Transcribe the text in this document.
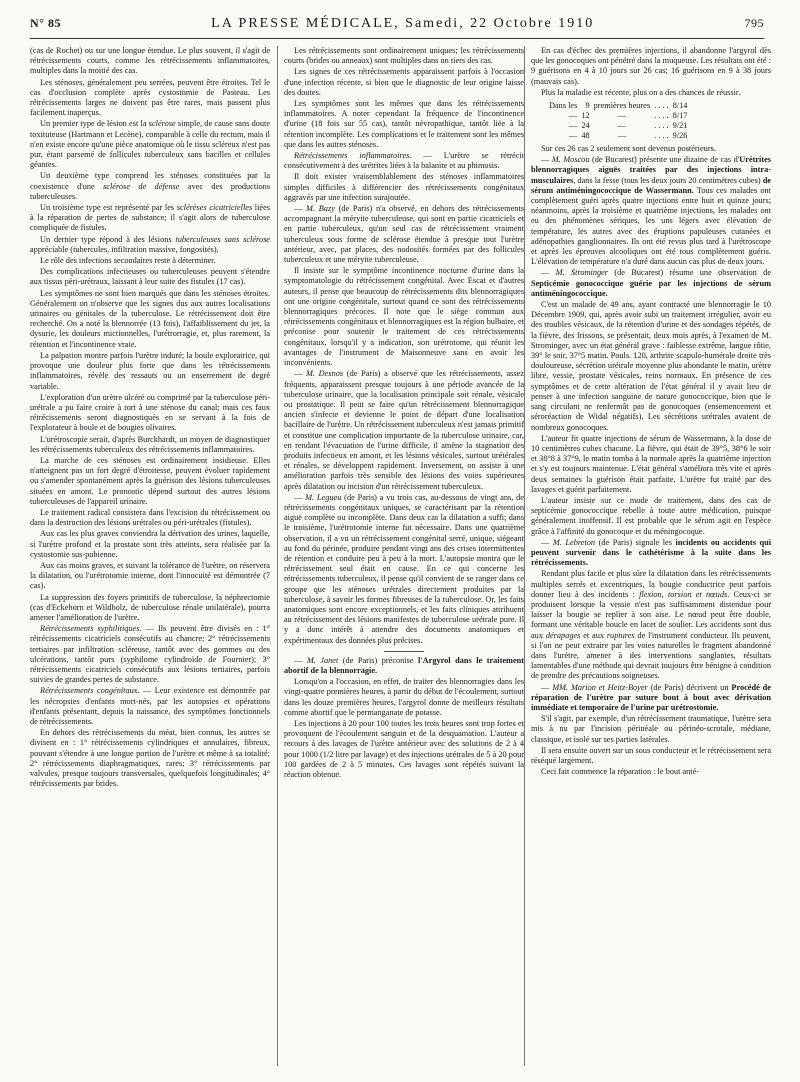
N° 85	LA PRESSE MÉDICALE, Samedi, 22 Octobre 1910	795

(cas de Rochet) ou sur une longue étendue. Le plus souvent, il s'agit de rétrécissements courts, comme les rétrécissements inflammatoires, multiples dans la moitié des cas.

Les sténoses, généralement peu serrées, peuvent être étroites. Tel le cas d'occlusion complète après cystostomie de Pasteau. Les rétrécissements larges ne doivent pas être rares, mais passent plus facilement inaperçus.

Un premier type de lésion est la sclérose simple, de cause sans doute toxituteuse (Hartmann et Lecène), comparable à celle du rectum, mais il n'en existe encore qu'une pièce anatomique où le tissu scléreux n'est pas pur, étant parsemé de follicules tuberculeux sans bacilles et cellules géantes.

Un deuxième type comprend les sténoses constituées par la coexistence d'une sclérose de défense avec des productions tuberculeuses.

Un troisième type est représenté par les sclérèses cicatricielles liées à la réparation de pertes de substance; il s'agit alors de tuberculose compliquée de fistules.

Un dernier type répond à des lésions tuberculeuses sans sclérose appréciable (tubercules, infiltration massive, fongosités).

Le rôle des infections secondaires reste à déterminer.

Des complications infectieuses ou tuberculeuses peuvent s'étendre aux tissus péri-urétraux, laissant à leur suite des fistules (17 cas).

Les symptômes ne sont bien marqués que dans les sténoses étroites. Généralement on n'observe que les signes dus aux autres localisations urinaires ou génitales de la tuberculose. Le rétrécissement doit être recherché. On a noté la blennorrée (13 fois), l'affaiblissement du jet, la dysurie, les douleurs mictionnelles, l'urétrorragie, et, plus rarement, la rétention et l'incontinence vraie.

La palpation montre parfois l'urètre induré; la boule exploratrice, qui provoque une douleur plus forte que dans les rétrécissements inflammatoires, révèle des ressauts ou un enserrement de degré variable.

L'exploration d'un urètre ulcéré ou comprimé par la tuberculose péri-urétrale a pu faire croire à tort à une sténose du canal; mais ces faux rétrécissements seront diagnostiqués en se servant à la fois de l'explorateur à boule et de bougies olivaires.

L'urétroscopie serait, d'après Burckhardt, un moyen de diagnostiquer les rétrécissements tuberculeux des rétrécissements inflammatoires.

La marche de ces sténoses est ordinairement insidieuse. Elles n'atteignent pas un fort degré d'étroitesse, peuvent évoluer rapidement ou s'amender spontanément après la guérison des lésions tuberculeuses situées en amont. Le pronostic dépend surtout des autres lésions tuberculeuses de l'appareil urinaire.

Le traitement radical consistera dans l'excision du rétrécissement ou dans la destruction des lésions urétrales ou péri-urétrales (fistules).

Aux cas les plus graves conviendra la dérivation des urines, laquelle, si l'urètre profond et la prostate sont très atteints, sera réalisée par la cystostomie sus-pubienne.

Aux cas moins graves, et suivant la tolérance de l'urètre, on réservera la dilatation, ou l'urétrotomie interne, dont l'innocuité est démontrée (7 cas).

La suppression des foyers primitifs de tuberculose, la néphrectomie (cas d'Eckehorn et Wildbolz, de tuberculose rénale unilatérale), pourra amener l'amélioration de l'urètre.

Rétrécissements syphilitiques. — Ils peuvent être divisés en : 1° rétrécissements cicatriciels consécutifs au chancre; 2° rétrécissements tertiaires par infiltration scléreuse, tantôt avec des gommes ou des ulcérations, tantôt purs (syphilome cylindroïde de Fournier); 3° rétrécissements cicatriciels consécutifs aux lésions tertiaires, parfois suivies de grandes pertes de substance.

Rétrécissements congénitaux. — Leur existence est démontrée par les nécropsies d'enfants mort-nés, par les autopsies et opérations d'enfants présentant, depuis la naissance, des symptômes fonctionnels de rétrécissements.

En dehors des rétrécissements du méat, bien connus, les autres se divisent en : 1° rétrécissements cylindriques et annulaires, fibreux, pouvant s'étendre à une longue portion de l'urètre et même à sa totalité; 2° rétrécissements diaphragmatiques, rares; 3° rétrécissements par valvules, presque toujours transversales, quelquefois longitudinales; 4° rétrécissements par brides.

Les rétrécissements sont ordinairement uniques; les rétrécissements courts (brides ou anneaux) sont multiples dans un tiers des cas.

Les signes de ces rétrécissements apparaissent parfois à l'occasion d'une infection récente, si bien que le diagnostic de leur origine laisse des doutes.

Les symptômes sont les mêmes que dans les rétrécissements inflammatoires. A noter cependant la fréquence de l'incontinence d'urine (18 fois sur 55 cas), tantôt névropathique, tantôt liée à la rétention incomplète. Les complications et le traitement sont les mêmes que dans les autres sténoses.

Rétrécissements inflammatoires. — L'urètre se rétrécit consécutivement à des urétrites liées à la balanite et au phimosis.

Il doit exister vraisemblablement des sténoses inflammatoires simples difficiles à différencier des rétrécissements congénitaux aggravés par une infection surajoutée.

— M. Bazy (de Paris) n'a observé, en dehors des rétrécissements accompagnant la méryite tuberculeuse, qui sont en partie cicatriciels et en partie tuberculeux, qu'un seul cas de rétrécissement vraiment tuberculeux sous forme de sclérose étendue à presque tout l'urètre antérieur, avec, par places, des nodosités formées par des follicules tuberculeux et une méryite tuberculeuse.

Il insiste sur le symptôme incontinence nocturne d'urine dans la symptomatologie du rétrécissement congénital. Avec Escat et d'autres auteurs, il pense que beaucoup de rétrécissements dits blennorragiques ont une origine congénitale, surtout quand ce sont des rétrécissements blennorragiques précoces. Il note que le siège commun aux rétrécissements congénitaux et blennorragiques est la région bulbaire, et préconise pour soutenir le traitement de ces rétrécissements congénitaux, lorsqu'il y a indication, son urétrotome, qui réunit les avantages de l'instrument de Maisonneuve sans en avoir les inconvénients.

— M. Desnos (de Paris) a observé que les rétrécissements, assez fréquents, apparaissent presque toujours à une période avancée de la tuberculose urinaire, que la localisation principale soit rénale, vésicale ou prostatique. Il peut se faire qu'un rétrécissement blennorragique ancien s'infecte et devienne le point de départ d'une localisation bacillaire de l'urètre. Un rétrécissement tuberculeux n'est jamais primitif et constitue une complication importante de la tuberculose urinaire, car, en rendant l'évacuation de l'urine difficile, il amène la stagnation des produits infectieux en amont, et les lésions vésicales, surtout urétérales et rénales, se développent rapidement. Inversement, on assiste à une amélioration parfois très sensible des lésions des voies supérieures après dilatation ou incision d'un rétrécissement tuberculeux.

— M. Legueu (de Paris) a vu trois cas, au-dessous de vingt ans, de rétrécissements congénitaux uniques, se caractérisant par la rétention aiguë complète ou incomplète. Dans deux cas la dilatation a suffi; dans le troisième, l'urétrotomie interne fut nécessaire. Dans une quatrième observation, il a vu un rétrécissement congénital serré, unique, siégeant au fond du périnée, produire pendant vingt ans des crises intermittentes de rétention et conduire peu à peu à la mort. L'autopsie montra que le rétrécissement seul était en cause. En ce qui concerne les rétrécissements tuberculeux, il pense qu'il convient de se ranger dans ce groupe que les sténoses urétrales directement produites par la tuberculose, à savoir les formes fibreuses de la tuberculose. Or, les faits anatomiques sont encore exceptionnels, et les faits cliniques attribuent au rétrécissement des lésions manifestes de tuberculose urétrale pure. Il y a donc intérêt à attendre des documents anatomiques et expérimentaux des données plus précises.

— M. Janet (de Paris) préconise l'Argyrol dans le traitement abortif de la blennorragie.

Lorsqu'on a l'occasion, en effet, de traiter des blennorragies dans les vingt-quatre premières heures, à partir du début de l'écoulement, surtout dans les douze premières heures, l'argyrol donne de meilleurs résultats comme abortif que le permanganate de potasse.

Les injections à 20 pour 100 toutes les trois heures sont trop fortes et provoquent de l'écoulement sanguin et de la desquamation. L'auteur a recours à des lavages de l'urètre antérieur avec des solutions de 2 à 4 pour 1000 (1/2 litre par lavage) et des injections urétrales de 5 à 20 pour 100 gardées de 2 à 5 minutes. Ces lavages sont répétés suivant la réaction obtenue.

En cas d'échec des premières injections, il abandonne l'argyrol dès que les gonocoques ont pénétré dans la muqueuse. Les résultats ont été : 9 guérisons en 4 à 10 jours sur 26 cas; 16 guérisons en 9 à 38 jours (mauvais cas).

Plus la maladie est récente, plus on a des chances de réussir.

Dans les	9	premières heures	. . . .	8/14
—	12	—	. . . .	8/17
—	24	—	. . . .	9/21
—	48	—	. . . .	9/26

Sur ces 26 cas 2 seulement sont devenus postérieurs.

— M. Moscou (de Bucarest) présente une dizaine de cas d'Urétrites blennorragiques aiguës traitées par des injections intra-musculaires, dans la fesse (tous les deux jours 20 centimètres cubes) de sérum antiméningococcique de Wassermann. Tous ces malades ont complètement guéri après quatre injections entre huit et quinze jours; néanmoins, après la troisième et quatrième injections, les malades ont eu des phénomènes sériques, les uns légers avec élévation de température, les autres avec des éruptions papuleuses cutanées et adénopathies ganglionnaires. Ils ont été revus plus tard à l'urétroscope et après les épreuves alcooliques ont été tous complètement guéris. L'élévation de température n'a duré dans aucun cas plus de deux jours.

— M. Strominger (de Bucarest) résume une observation de Septicémie gonococcique guérie par les injections de sérum antiméningococcique.

C'est un malade de 49 ans, ayant contracté une blennorragie le 10 Décembre 1909, qui, après avoir subi un traitement irrégulier, avoir eu des troubles vésicaux, de la rétention d'urine et des sondages répétés, de la fièvre, des frissons, se présentait, deux mois après, à l'examen de M. Strominger, avec un état général grave : faiblesse extrême, langue rôtie, 39° le soir, 37°5 matin. Pouls. 120, arthrite scapulo-humérale droite très douloureuse, sécrétion urétrale moyenne plus abondante le matin, urètre libre, vessie, prostate vésicales, reins normaux. En présence de ces symptômes et de cette altération de l'état général il y avait lieu de penser à une infection sanguine de nature gonococcique, bien que le sang circulant ne renfermât pas de gonocoques (ensemencement et séroréaction de Widal négatifs). Les sécrétions urétrales avaient de nombreux gonocoques.

L'auteur fit quatre injections de sérum de Wassermann, à la dose de 10 centimètres cubes chacune. La fièvre, qui était de 39°5, 38°6 le soir et 38°8 à 37°9, le matin tomba à la normale après la quatrième injection et s'y est toujours maintenue. L'état général s'améliora très vite et après deux semaines la guérison était parfaite. L'urètre fut traité par des lavages et guérit parfaitement.

L'auteur insiste sur ce mode de traitement, dans des cas de septicémie gonococcique rebelle à toute autre médication, puisque généralement inoffensif. Il est probable que le sérum agit en l'espèce grâce à l'affinité du gonocoque et du méningocoque.

— M. Lebreton (de Paris) signale les incidents ou accidents qui peuvent survenir dans le cathétérisme à la suite dans les rétrécissements.

Rendant plus facile et plus sûre la dilatation dans les rétrécissements multiples serrés et excentriques, la bougie conductrice peut parfois donner lieu à des incidents : flexion, torsion et nœuds. Ceux-ci se produisent lorsque la vessie n'est pas suffisamment distendue pour laisser la bougie se replier à son aise. Le nœud peut être double, formant une véritable boucle en lacet de soulier. Les accidents sont dus aux dérapages et aux ruptures de l'instrument conducteur. Ils peuvent, si l'on ne peut extraire par les voies naturelles le fragment abandonné dans l'urètre, amener à des interventions sanglantes, résultats lamentables d'une méthode qui devrait toujours être bénigne à condition de prendre des précautions soigneuses.

— MM. Marion et Heitz-Boyer (de Paris) décrivent un Procédé de réparation de l'urètre par suture bout à bout avec dérivation immédiate et temporaire de l'urine par urétrostomie.

S'il s'agit, par exemple, d'un rétrécissement traumatique, l'urètre sera mis à nu par l'incision périnéale ou périnéo-scrotale, médiane, classique, et isolé sur ses parties latérales.

Il sera ensuite ouvert sur un sous conducteur et le rétrécissement sera réséqué largement.

Ceci fait commence la réparation : le bout anté-
